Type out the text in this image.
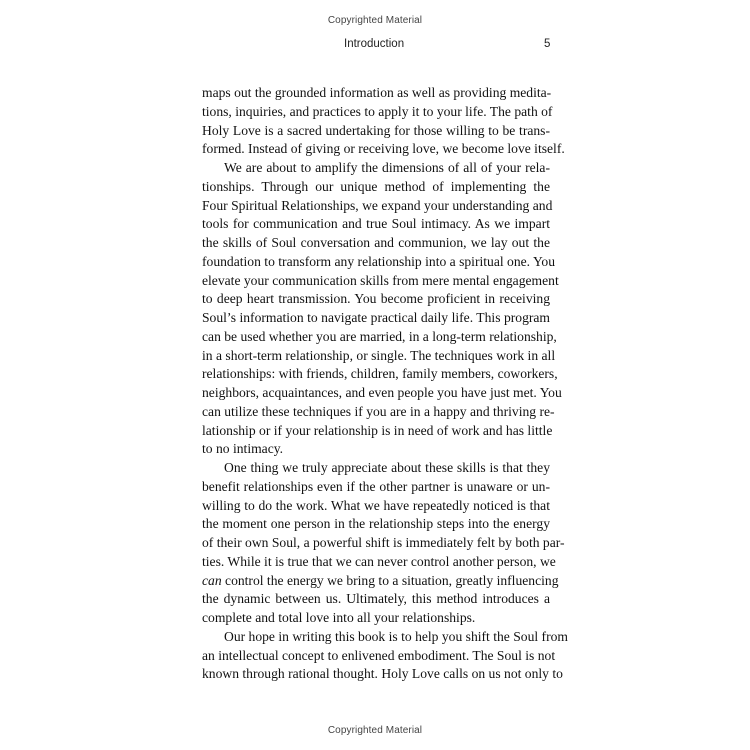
Copyrighted Material
Introduction	5
maps out the grounded information as well as providing medita-
tions, inquiries, and practices to apply it to your life. The path of
Holy Love is a sacred undertaking for those willing to be trans-
formed. Instead of giving or receiving love, we become love itself.
We are about to amplify the dimensions of all of your rela-
tionships. Through our unique method of implementing the
Four Spiritual Relationships, we expand your understanding and
tools for communication and true Soul intimacy. As we impart
the skills of Soul conversation and communion, we lay out the
foundation to transform any relationship into a spiritual one. You
elevate your communication skills from mere mental engagement
to deep heart transmission. You become proficient in receiving
Soul’s information to navigate practical daily life. This program
can be used whether you are married, in a long-term relationship,
in a short-term relationship, or single. The techniques work in all
relationships: with friends, children, family members, coworkers,
neighbors, acquaintances, and even people you have just met. You
can utilize these techniques if you are in a happy and thriving re-
lationship or if your relationship is in need of work and has little
to no intimacy.
One thing we truly appreciate about these skills is that they
benefit relationships even if the other partner is unaware or un-
willing to do the work. What we have repeatedly noticed is that
the moment one person in the relationship steps into the energy
of their own Soul, a powerful shift is immediately felt by both par-
ties. While it is true that we can never control another person, we
can control the energy we bring to a situation, greatly influencing
the dynamic between us. Ultimately, this method introduces a
complete and total love into all your relationships.
Our hope in writing this book is to help you shift the Soul from
an intellectual concept to enlivened embodiment. The Soul is not
known through rational thought. Holy Love calls on us not only to
Copyrighted Material
